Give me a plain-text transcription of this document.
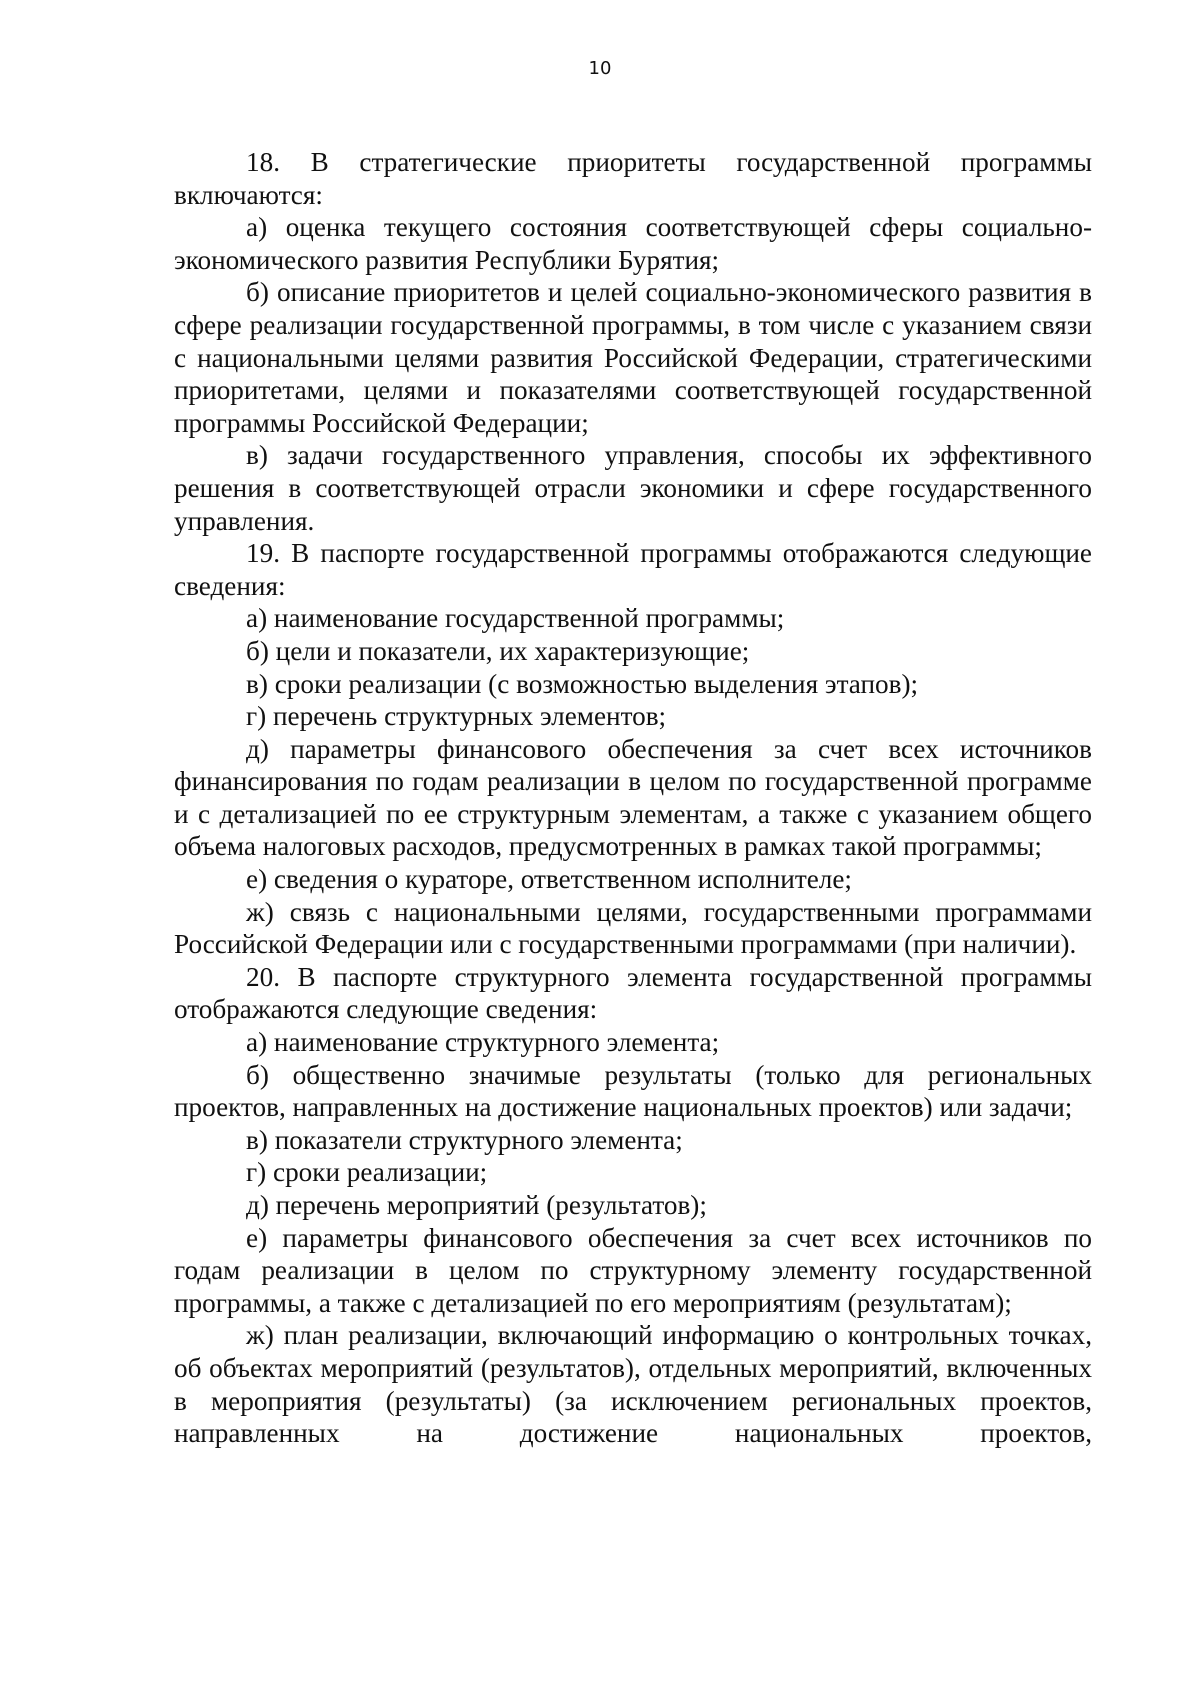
10

18. В стратегические приоритеты государственной программы включаются:

а) оценка текущего состояния соответствующей сферы социально-экономического развития Республики Бурятия;

б) описание приоритетов и целей социально-экономического развития в сфере реализации государственной программы, в том числе с указанием связи с национальными целями развития Российской Федерации, стратегическими приоритетами, целями и показателями соответствующей государственной программы Российской Федерации;

в) задачи государственного управления, способы их эффективного решения в соответствующей отрасли экономики и сфере государственного управления.

19. В паспорте государственной программы отображаются следующие сведения:

а) наименование государственной программы;

б) цели и показатели, их характеризующие;

в) сроки реализации (с возможностью выделения этапов);

г) перечень структурных элементов;

д) параметры финансового обеспечения за счет всех источников финансирования по годам реализации в целом по государственной программе и с детализацией по ее структурным элементам, а также с указанием общего объема налоговых расходов, предусмотренных в рамках такой программы;

е) сведения о кураторе, ответственном исполнителе;

ж) связь с национальными целями, государственными программами Российской Федерации или с государственными программами (при наличии).

20. В паспорте структурного элемента государственной программы отображаются следующие сведения:

а) наименование структурного элемента;

б) общественно значимые результаты (только для региональных проектов, направленных на достижение национальных проектов) или задачи;

в) показатели структурного элемента;

г) сроки реализации;

д) перечень мероприятий (результатов);

е) параметры финансового обеспечения за счет всех источников по годам реализации в целом по структурному элементу государственной программы, а также с детализацией по его мероприятиям (результатам);

ж) план реализации, включающий информацию о контрольных точках, об объектах мероприятий (результатов), отдельных мероприятий, включенных в мероприятия (результаты) (за исключением региональных проектов, направленных на достижение национальных проектов,
